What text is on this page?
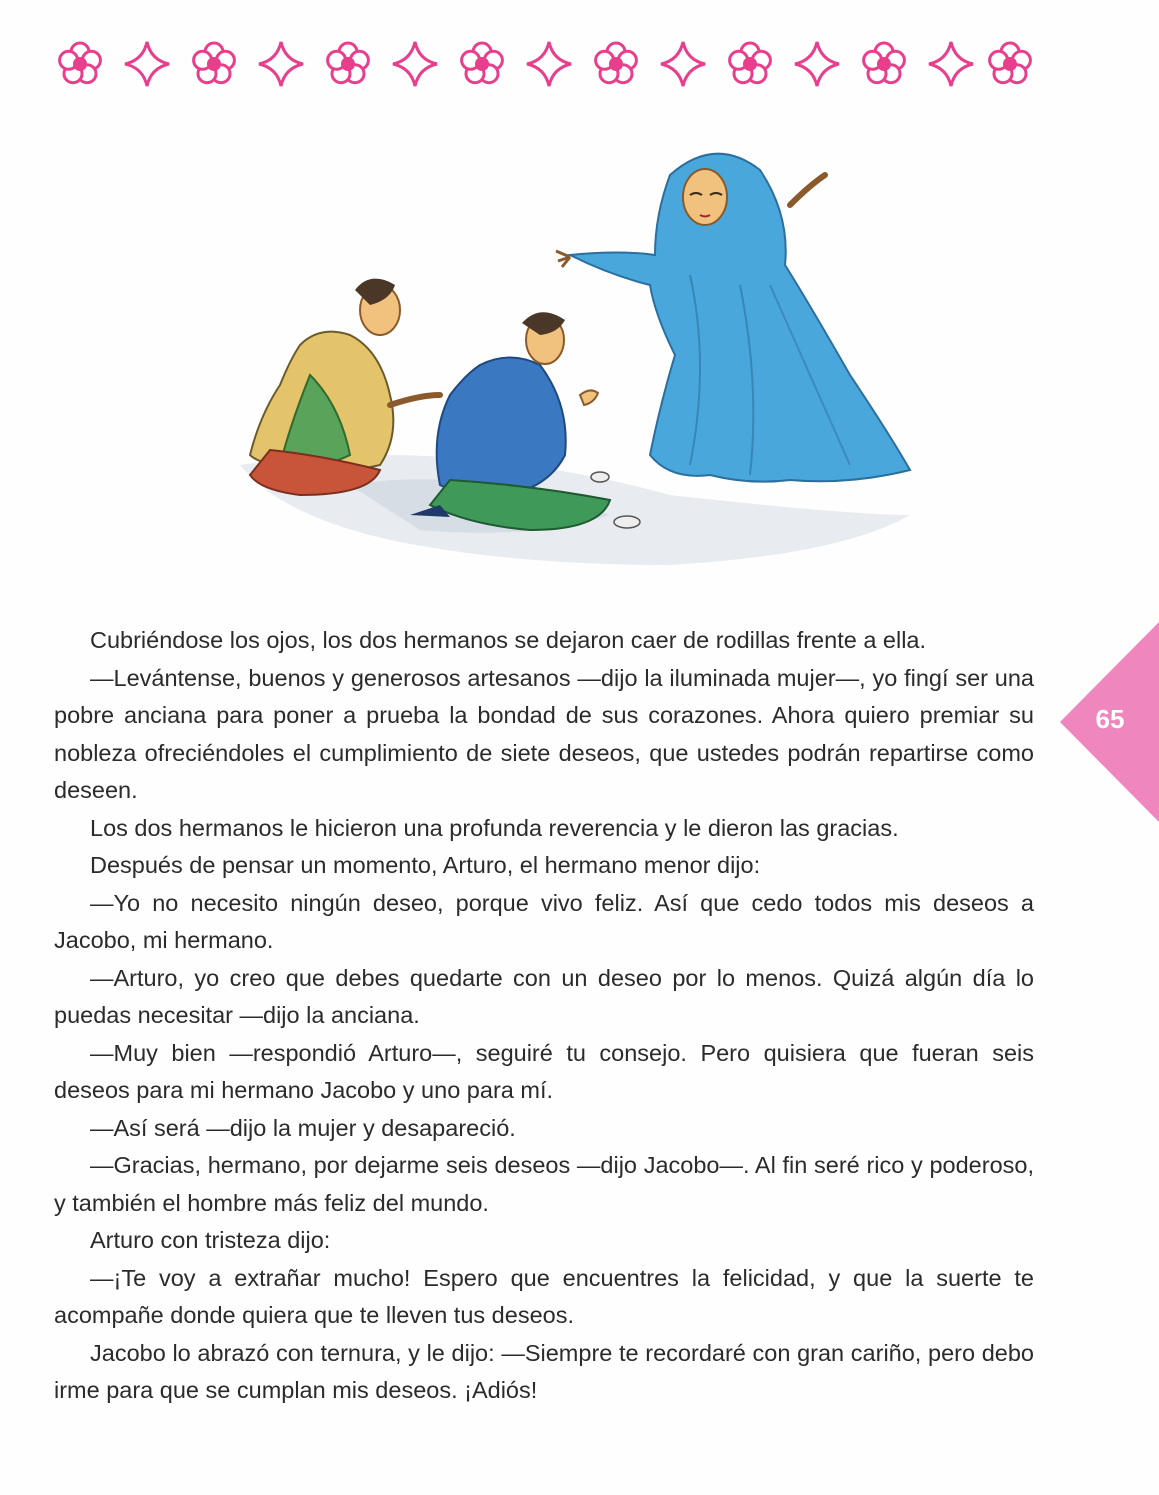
Cubriéndose los ojos, los dos hermanos se dejaron caer de rodillas frente a ella.

—Levántense, buenos y generosos artesanos —dijo la iluminada mujer—, yo fingí ser una pobre anciana para poner a prueba la bondad de sus corazones. Ahora quiero premiar su nobleza ofreciéndoles el cumplimiento de siete deseos, que ustedes podrán repartirse como deseen.

Los dos hermanos le hicieron una profunda reverencia y le dieron las gracias.

Después de pensar un momento, Arturo, el hermano menor dijo:

—Yo no necesito ningún deseo, porque vivo feliz. Así que cedo todos mis deseos a Jacobo, mi hermano.

—Arturo, yo creo que debes quedarte con un deseo por lo menos. Quizá algún día lo puedas necesitar —dijo la anciana.

—Muy bien —respondió Arturo—, seguiré tu consejo. Pero quisiera que fueran seis deseos para mi hermano Jacobo y uno para mí.

—Así será —dijo la mujer y desapareció.

—Gracias, hermano, por dejarme seis deseos —dijo Jacobo—. Al fin seré rico y poderoso, y también el hombre más feliz del mundo.

Arturo con tristeza dijo:

—¡Te voy a extrañar mucho! Espero que encuentres la felicidad, y que la suerte te acompañe donde quiera que te lleven tus deseos.

Jacobo lo abrazó con ternura, y le dijo: —Siempre te recordaré con gran cariño, pero debo irme para que se cumplan mis deseos. ¡Adiós!

65
